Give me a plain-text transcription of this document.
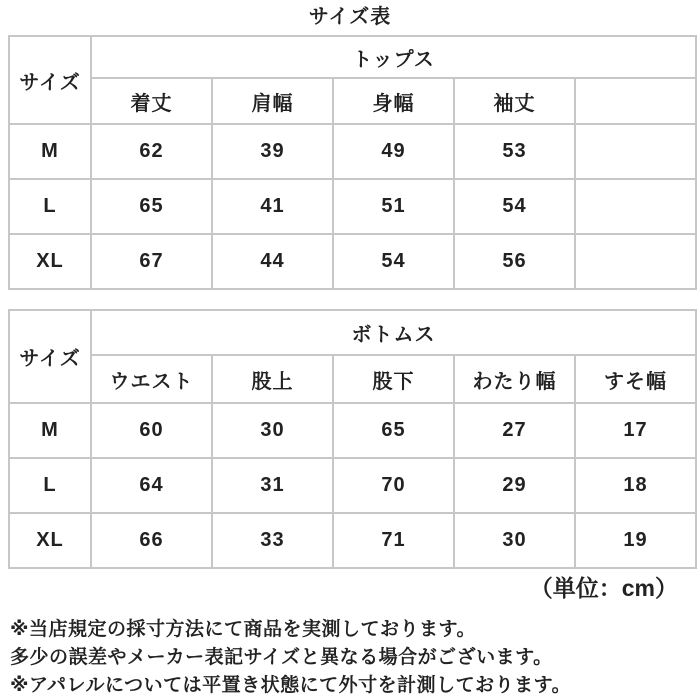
サイズ表
サイズ	トップス				
	着丈	肩幅	身幅	袖丈	
M	62	39	49	53	
L	65	41	51	54	
XL	67	44	54	56	
サイズ	ボトムス				
	ウエスト	股上	股下	わたり幅	すそ幅
M	60	30	65	27	17
L	64	31	70	29	18
XL	66	33	71	30	19
（単位：cm）
※当店規定の採寸方法にて商品を実測しております。
多少の誤差やメーカー表記サイズと異なる場合がございます。
※アパレルについては平置き状態にて外寸を計測しております。
